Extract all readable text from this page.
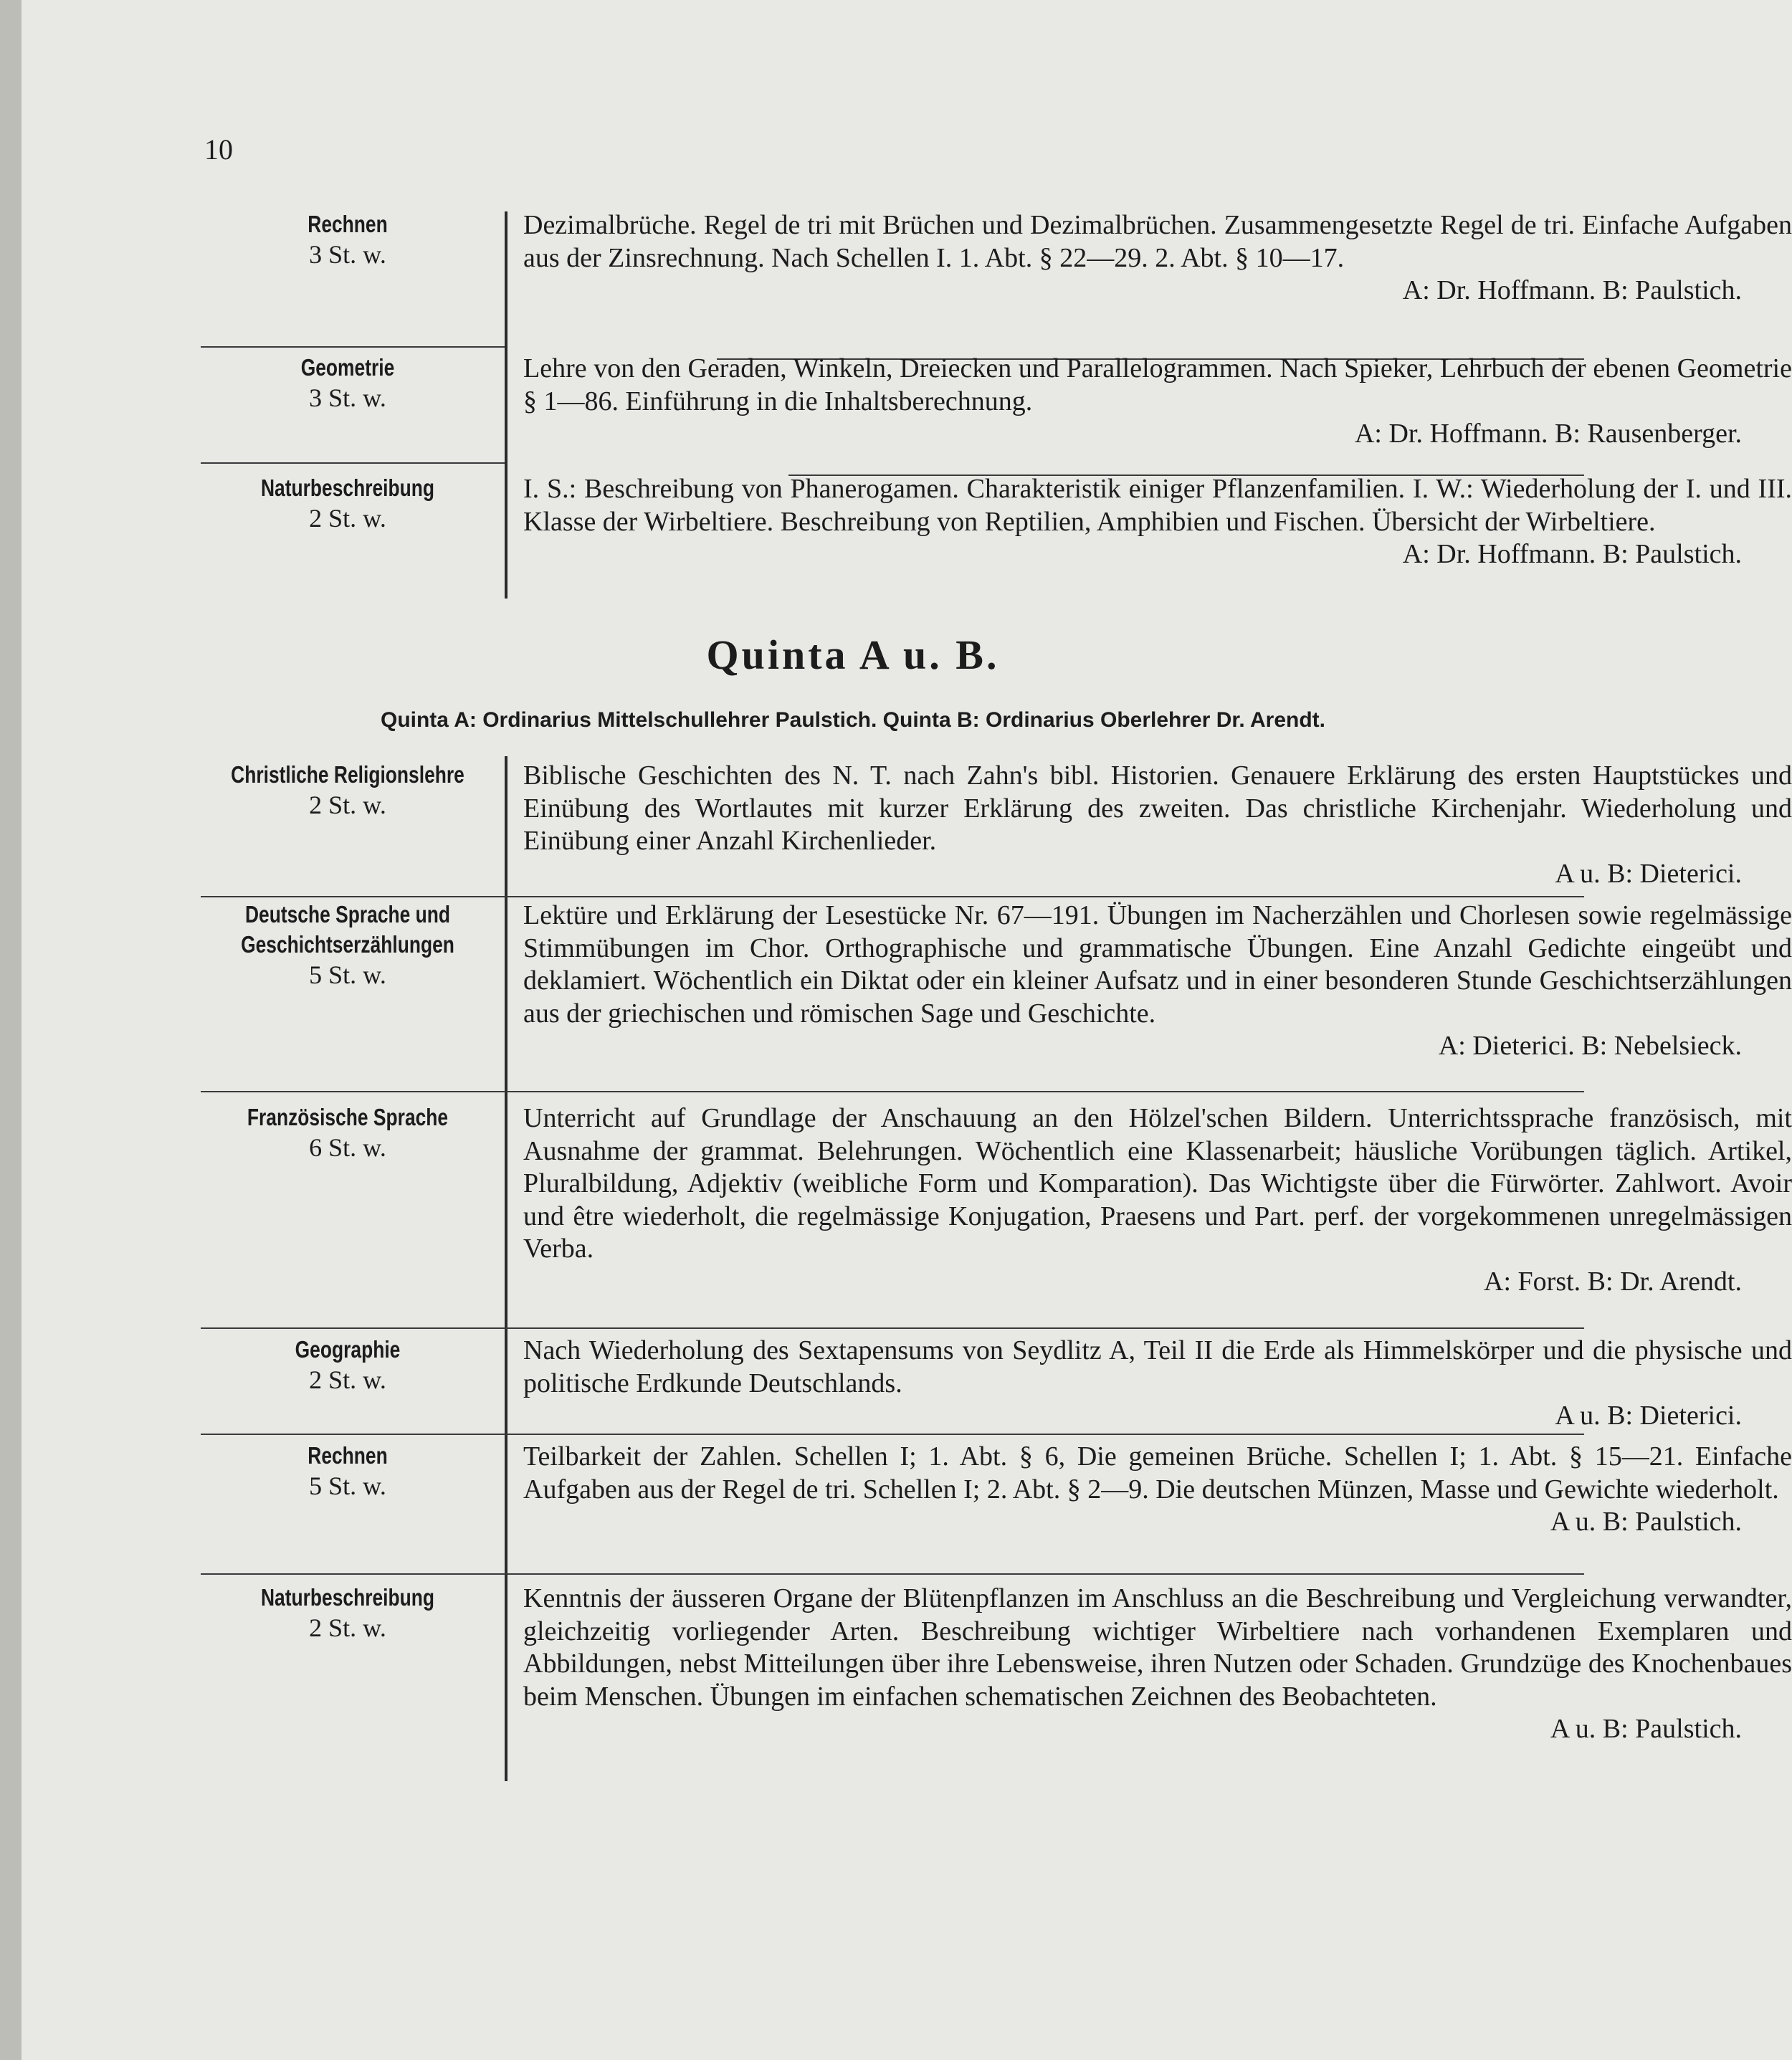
10
Rechnen
3 St. w.

Dezimalbrüche. Regel de tri mit Brüchen und Dezimalbrüchen. Zusammengesetzte Regel de tri. Einfache Aufgaben aus der Zinsrechnung. Nach Schellen I. 1. Abt. § 22—29. 2. Abt. § 10—17.

A: Dr. Hoffmann. B: Paulstich.

Geometrie
3 St. w.

Lehre von den Geraden, Winkeln, Dreiecken und Parallelogrammen. Nach Spieker, Lehrbuch der ebenen Geometrie § 1—86. Einführung in die Inhaltsberechnung.

A: Dr. Hoffmann. B: Rausenberger.

Naturbeschreibung
2 St. w.

I. S.: Beschreibung von Phanerogamen. Charakteristik einiger Pflanzenfamilien. I. W.: Wiederholung der I. und III. Klasse der Wirbeltiere. Beschreibung von Reptilien, Amphibien und Fischen. Übersicht der Wirbeltiere.

A: Dr. Hoffmann. B: Paulstich.

Quinta A u. B.
Quinta A: Ordinarius Mittelschullehrer Paulstich. Quinta B: Ordinarius Oberlehrer Dr. Arendt.
Christliche Religionslehre
2 St. w.

Biblische Geschichten des N. T. nach Zahn's bibl. Historien. Genauere Erklärung des ersten Hauptstückes und Einübung des Wortlautes mit kurzer Erklärung des zweiten. Das christliche Kirchenjahr. Wiederholung und Einübung einer Anzahl Kirchenlieder.

A u. B: Dieterici.

Deutsche Sprache und Geschichtserzählungen
5 St. w.

Lektüre und Erklärung der Lesestücke Nr. 67—191. Übungen im Nacherzählen und Chorlesen sowie regelmässige Stimmübungen im Chor. Orthographische und grammatische Übungen. Eine Anzahl Gedichte eingeübt und deklamiert. Wöchentlich ein Diktat oder ein kleiner Aufsatz und in einer besonderen Stunde Geschichtserzählungen aus der griechischen und römischen Sage und Geschichte.

A: Dieterici. B: Nebelsieck.

Französische Sprache
6 St. w.

Unterricht auf Grundlage der Anschauung an den Hölzel'schen Bildern. Unterrichtssprache französisch, mit Ausnahme der grammat. Belehrungen. Wöchentlich eine Klassenarbeit; häusliche Vorübungen täglich. Artikel, Pluralbildung, Adjektiv (weibliche Form und Komparation). Das Wichtigste über die Fürwörter. Zahlwort. Avoir und être wiederholt, die regelmässige Konjugation, Praesens und Part. perf. der vorgekommenen unregelmässigen Verba.

A: Forst. B: Dr. Arendt.

Geographie
2 St. w.

Nach Wiederholung des Sextapensums von Seydlitz A, Teil II die Erde als Himmelskörper und die physische und politische Erdkunde Deutschlands.

A u. B: Dieterici.

Rechnen
5 St. w.

Teilbarkeit der Zahlen. Schellen I; 1. Abt. § 6, Die gemeinen Brüche. Schellen I; 1. Abt. § 15—21. Einfache Aufgaben aus der Regel de tri. Schellen I; 2. Abt. § 2—9. Die deutschen Münzen, Masse und Gewichte wiederholt.

A u. B: Paulstich.

Naturbeschreibung
2 St. w.

Kenntnis der äusseren Organe der Blütenpflanzen im Anschluss an die Beschreibung und Vergleichung verwandter, gleichzeitig vorliegender Arten. Beschreibung wichtiger Wirbeltiere nach vorhandenen Exemplaren und Abbildungen, nebst Mitteilungen über ihre Lebensweise, ihren Nutzen oder Schaden. Grundzüge des Knochenbaues beim Menschen. Übungen im einfachen schematischen Zeichnen des Beobachteten.

A u. B: Paulstich.
